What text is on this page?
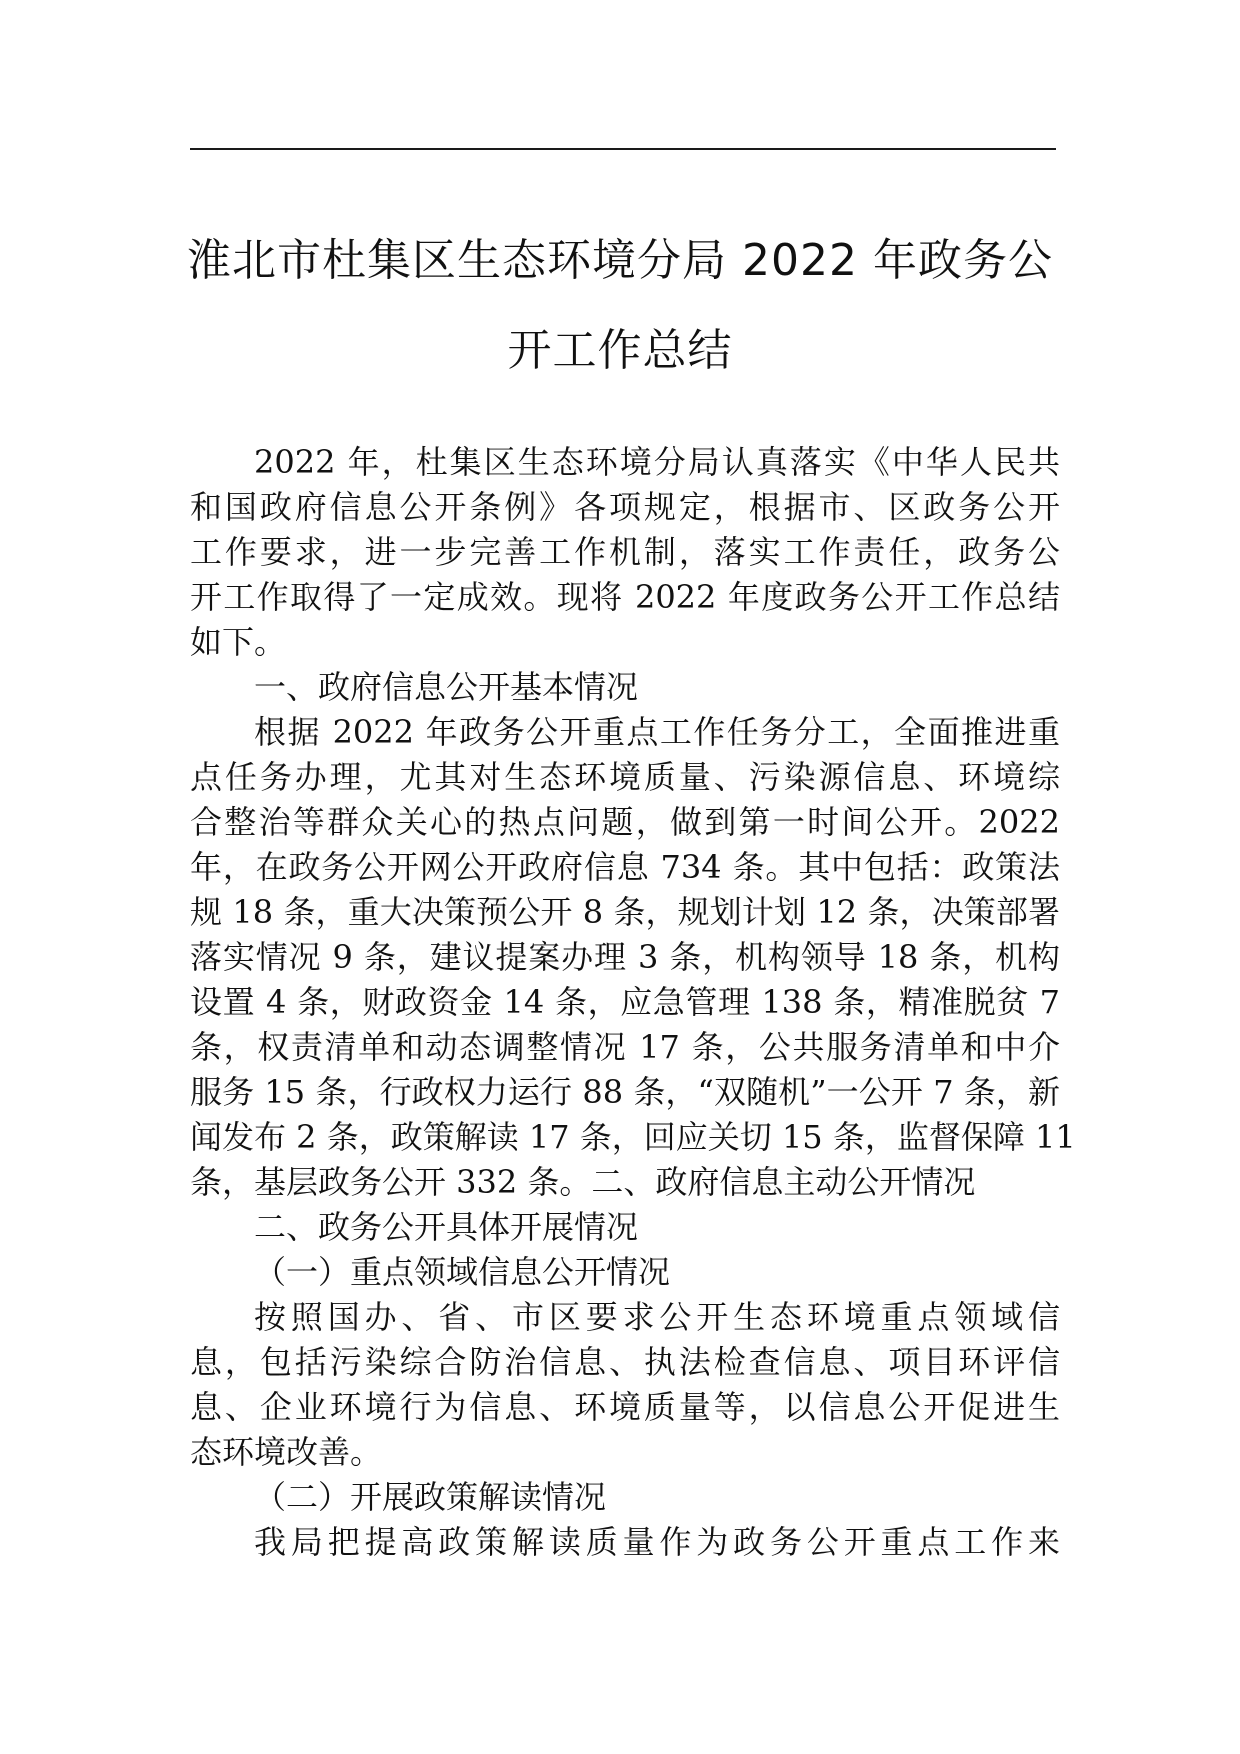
淮北市杜集区生态环境分局 2022 年政务公
开工作总结
2022 年，杜集区生态环境分局认真落实《中华人民共
和国政府信息公开条例》各项规定，根据市、区政务公开
工作要求，进一步完善工作机制，落实工作责任，政务公
开工作取得了一定成效。现将 2022 年度政务公开工作总结
如下。
一、政府信息公开基本情况
根据 2022 年政务公开重点工作任务分工，全面推进重
点任务办理，尤其对生态环境质量、污染源信息、环境综
合整治等群众关心的热点问题，做到第一时间公开。2022
年，在政务公开网公开政府信息 734 条。其中包括：政策法
规 18 条，重大决策预公开 8 条，规划计划 12 条，决策部署
落实情况 9 条，建议提案办理 3 条，机构领导 18 条，机构
设置 4 条，财政资金 14 条，应急管理 138 条，精准脱贫 7
条，权责清单和动态调整情况 17 条，公共服务清单和中介
服务 15 条，行政权力运行 88 条，“双随机”一公开 7 条，新
闻发布 2 条，政策解读 17 条，回应关切 15 条，监督保障 11
条，基层政务公开 332 条。二、政府信息主动公开情况
二、政务公开具体开展情况
（一）重点领域信息公开情况
按照国办、省、市区要求公开生态环境重点领域信
息，包括污染综合防治信息、执法检查信息、项目环评信
息、企业环境行为信息、环境质量等，以信息公开促进生
态环境改善。
（二）开展政策解读情况
我局把提高政策解读质量作为政务公开重点工作来
